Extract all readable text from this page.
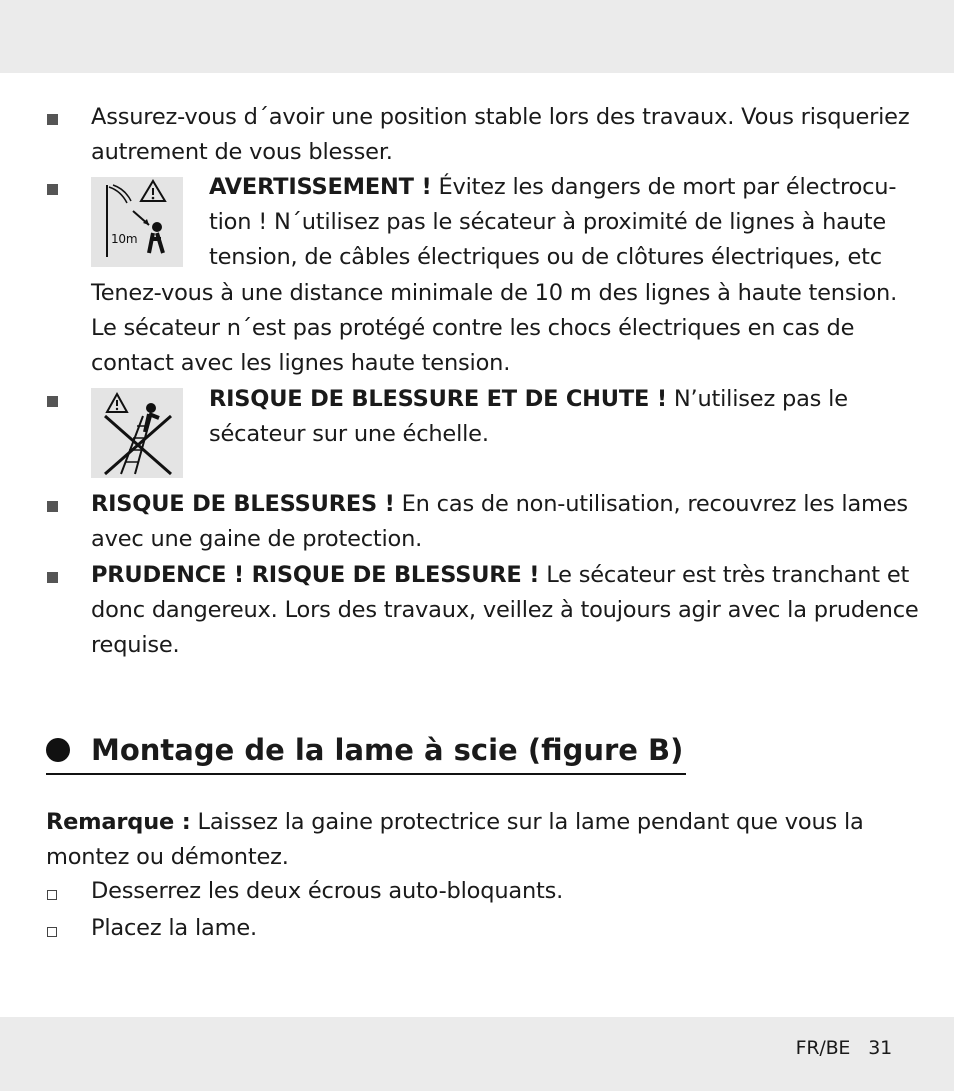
Assurez-vous d´avoir une position stable lors des travaux. Vous risqueriez autrement de vous blesser.
10m
AVERTISSEMENT ! Évitez les dangers de mort par électrocu-tion ! N´utilisez pas le sécateur à proximité de lignes à haute tension, de câbles électriques ou de clôtures électriques, etc
Tenez-vous à une distance minimale de 10 m des lignes à haute tension. Le sécateur n´est pas protégé contre les chocs électriques en cas de contact avec les lignes haute tension.
RISQUE DE BLESSURE ET DE CHUTE ! N’utilisez pas le sécateur sur une échelle.
RISQUE DE BLESSURES ! En cas de non-utilisation, recouvrez les lames avec une gaine de protection.
PRUDENCE ! RISQUE DE BLESSURE ! Le sécateur est très tranchant et donc dangereux. Lors des travaux, veillez à toujours agir avec la prudence requise.
Montage de la lame à scie (figure B)
Remarque : Laissez la gaine protectrice sur la lame pendant que vous la montez ou démontez.
Desserrez les deux écrous auto-bloquants.
Placez la lame.
FR/BE 31
